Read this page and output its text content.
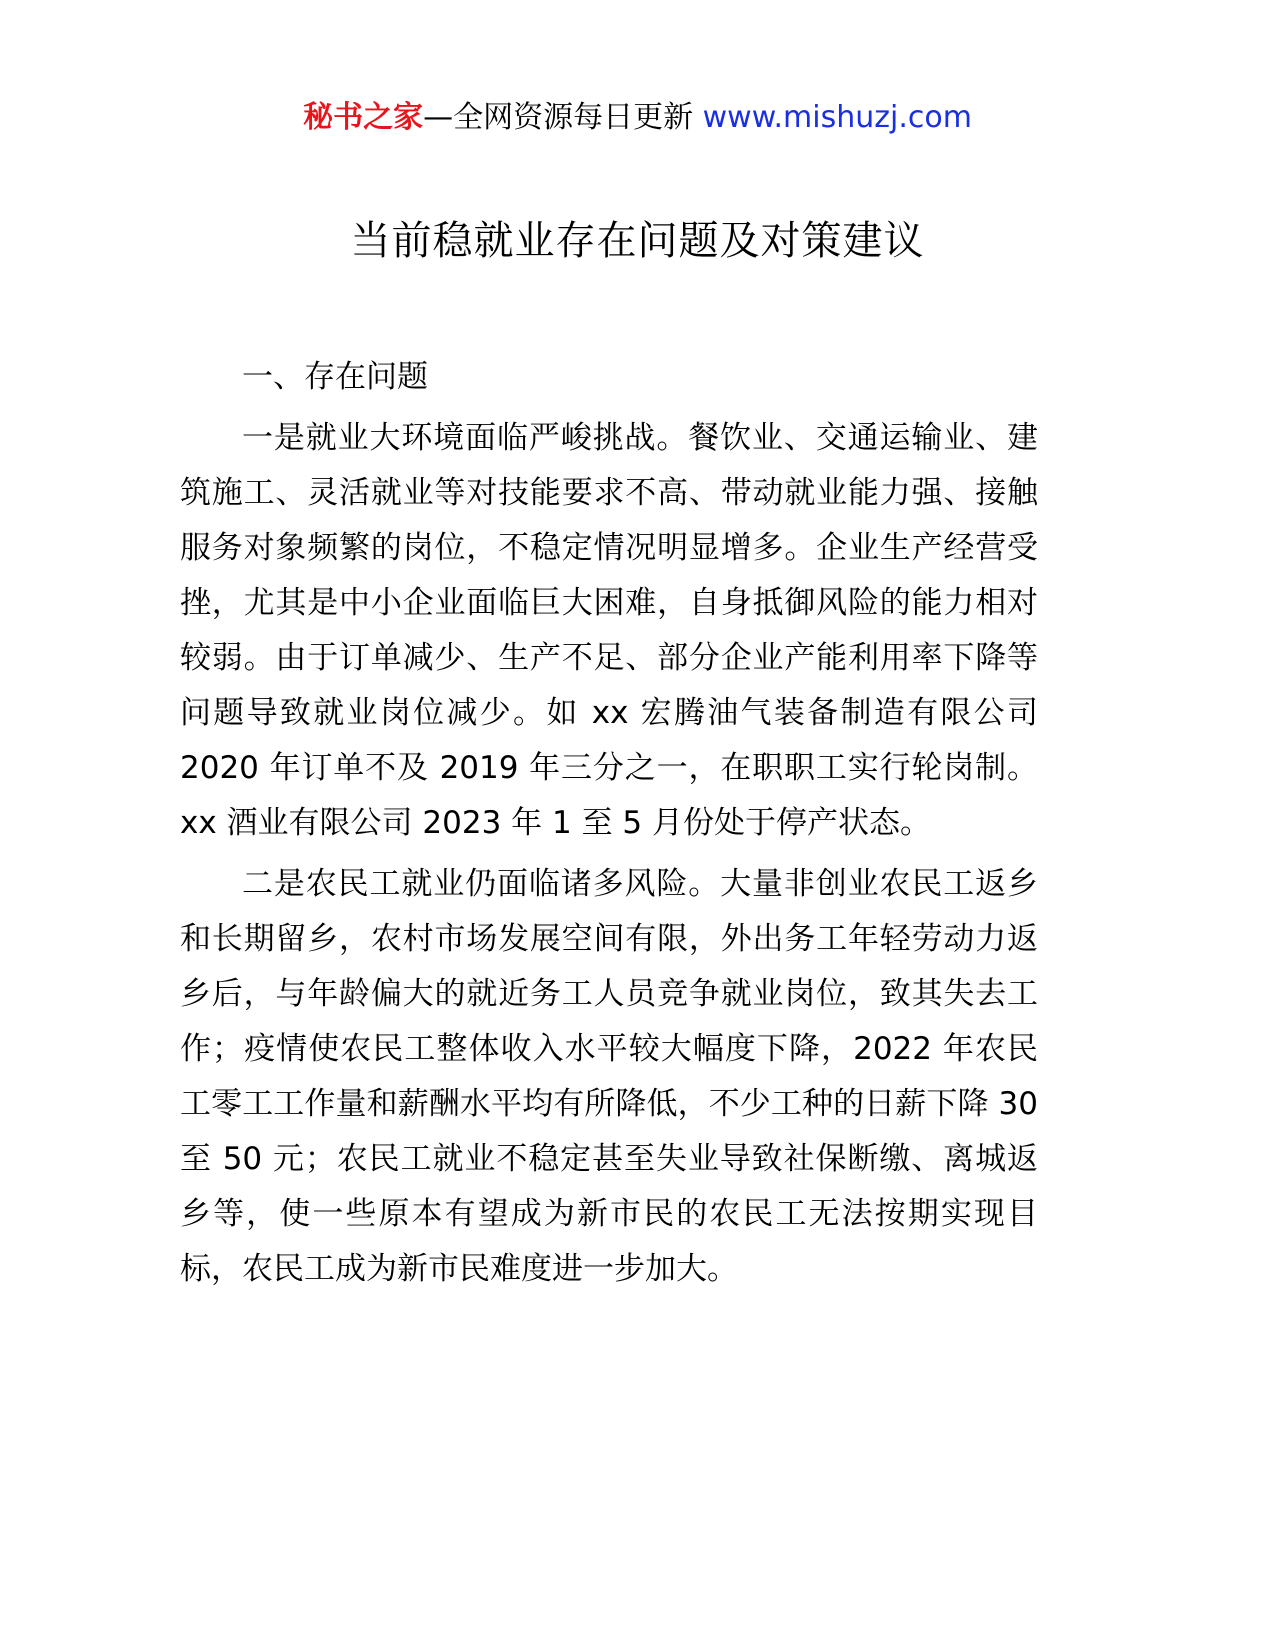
秘书之家—全网资源每日更新 www.mishuzj.com
当前稳就业存在问题及对策建议

一、存在问题

一是就业大环境面临严峻挑战。餐饮业、交通运输业、建筑施工、灵活就业等对技能要求不高、带动就业能力强、接触服务对象频繁的岗位，不稳定情况明显增多。企业生产经营受挫，尤其是中小企业面临巨大困难，自身抵御风险的能力相对较弱。由于订单减少、生产不足、部分企业产能利用率下降等问题导致就业岗位减少。如 xx 宏腾油气装备制造有限公司 2020 年订单不及 2019 年三分之一，在职职工实行轮岗制。xx 酒业有限公司 2023 年 1 至 5 月份处于停产状态。

二是农民工就业仍面临诸多风险。大量非创业农民工返乡和长期留乡，农村市场发展空间有限，外出务工年轻劳动力返乡后，与年龄偏大的就近务工人员竞争就业岗位，致其失去工作；疫情使农民工整体收入水平较大幅度下降，2022 年农民工零工工作量和薪酬水平均有所降低，不少工种的日薪下降 30 至 50 元；农民工就业不稳定甚至失业导致社保断缴、离城返乡等，使一些原本有望成为新市民的农民工无法按期实现目标，农民工成为新市民难度进一步加大。
